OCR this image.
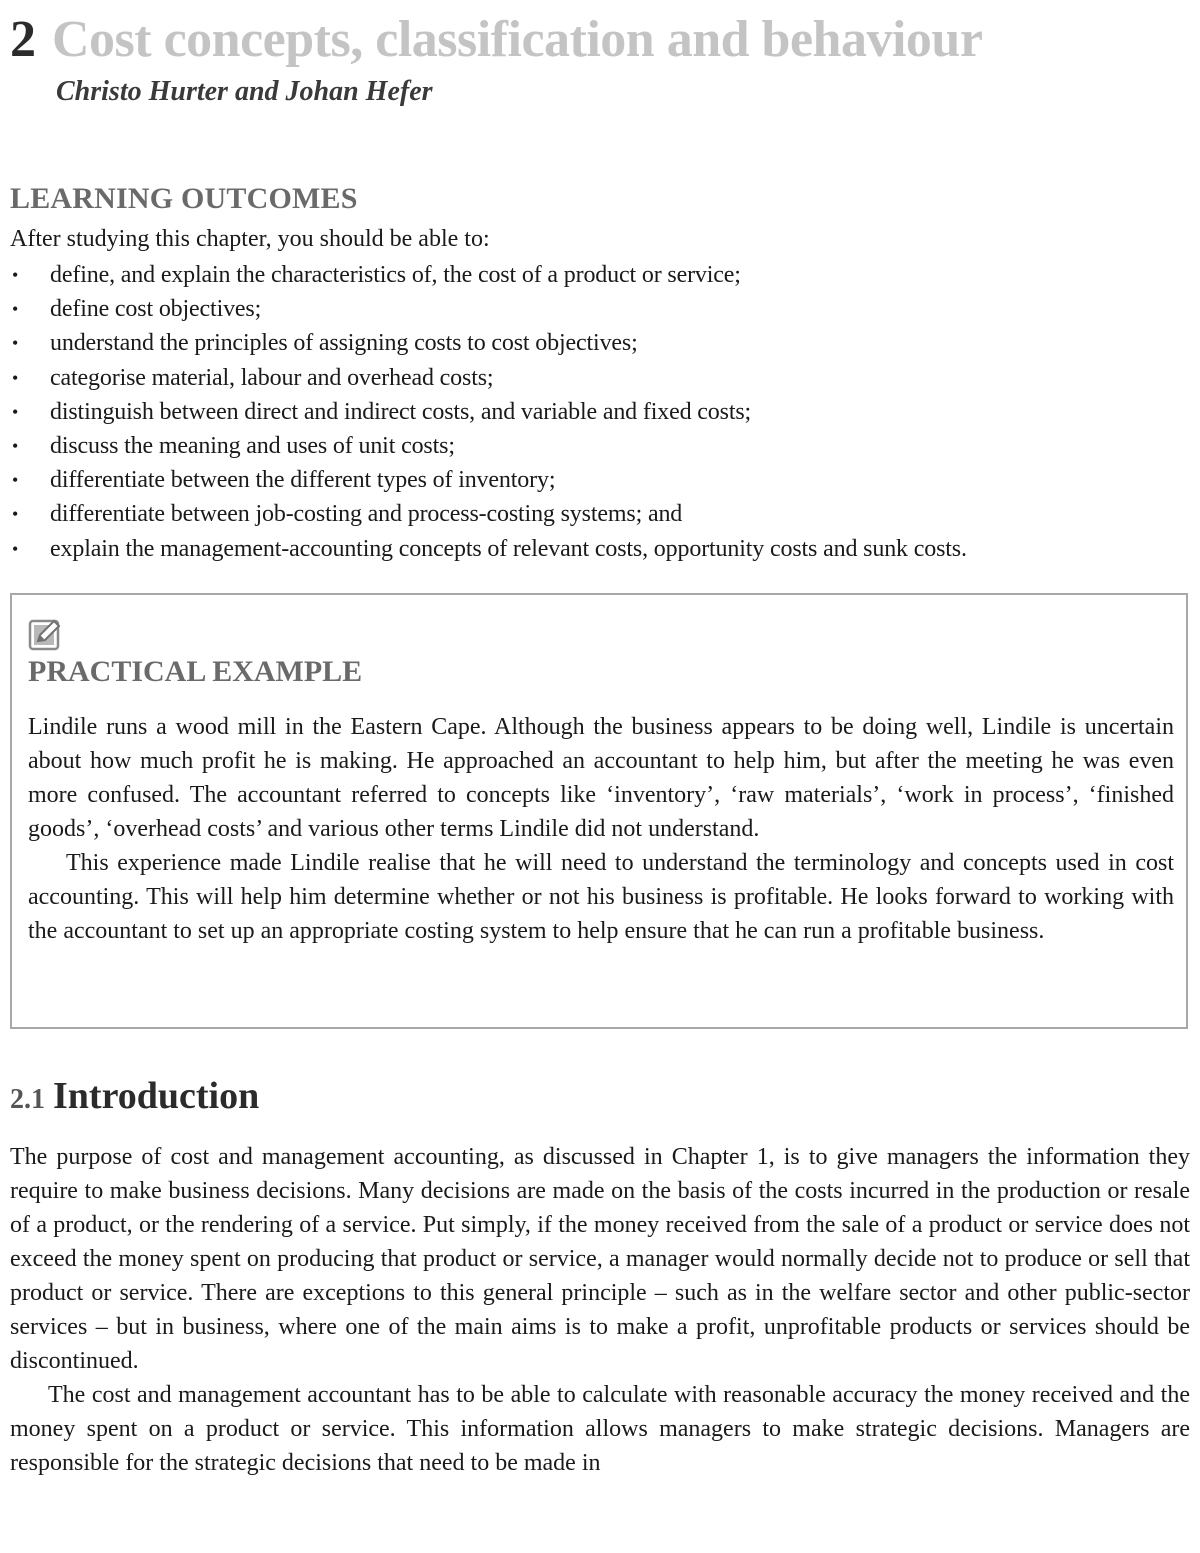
2 Cost concepts, classification and behaviour
Christo Hurter and Johan Hefer
LEARNING OUTCOMES
After studying this chapter, you should be able to:
• define, and explain the characteristics of, the cost of a product or service;
• define cost objectives;
• understand the principles of assigning costs to cost objectives;
• categorise material, labour and overhead costs;
• distinguish between direct and indirect costs, and variable and fixed costs;
• discuss the meaning and uses of unit costs;
• differentiate between the different types of inventory;
• differentiate between job-costing and process-costing systems; and
• explain the management-accounting concepts of relevant costs, opportunity costs and sunk costs.
PRACTICAL EXAMPLE

Lindile runs a wood mill in the Eastern Cape. Although the business appears to be doing well, Lindile is uncertain about how much profit he is making. He approached an accountant to help him, but after the meeting he was even more confused. The accountant referred to concepts like ‘inventory’, ‘raw materials’, ‘work in process’, ‘finished goods’, ‘overhead costs’ and various other terms Lindile did not understand.

This experience made Lindile realise that he will need to understand the terminology and concepts used in cost accounting. This will help him determine whether or not his business is profitable. He looks forward to working with the accountant to set up an appropriate costing system to help ensure that he can run a profitable business.

2.1 Introduction

The purpose of cost and management accounting, as discussed in Chapter 1, is to give managers the information they require to make business decisions. Many decisions are made on the basis of the costs incurred in the production or resale of a product, or the rendering of a service. Put simply, if the money received from the sale of a product or service does not exceed the money spent on producing that product or service, a manager would normally decide not to produce or sell that product or service. There are exceptions to this general principle – such as in the welfare sector and other public-sector services – but in business, where one of the main aims is to make a profit, unprofitable products or services should be discontinued.

The cost and management accountant has to be able to calculate with reasonable accuracy the money received and the money spent on a product or service. This information allows managers to make strategic decisions. Managers are responsible for the strategic decisions that need to be made in
